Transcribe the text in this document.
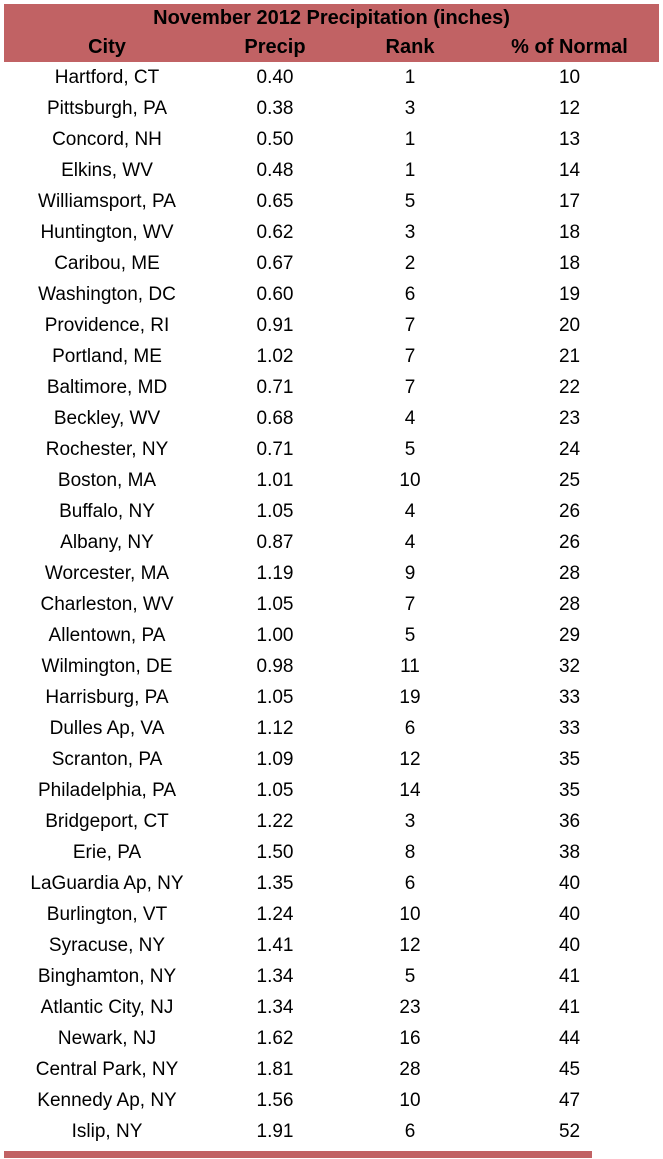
November 2012 Precipitation (inches)			
City	Precip	Rank	% of Normal
Hartford, CT	0.40	1	10
Pittsburgh, PA	0.38	3	12
Concord, NH	0.50	1	13
Elkins, WV	0.48	1	14
Williamsport, PA	0.65	5	17
Huntington, WV	0.62	3	18
Caribou, ME	0.67	2	18
Washington, DC	0.60	6	19
Providence, RI	0.91	7	20
Portland, ME	1.02	7	21
Baltimore, MD	0.71	7	22
Beckley, WV	0.68	4	23
Rochester, NY	0.71	5	24
Boston, MA	1.01	10	25
Buffalo, NY	1.05	4	26
Albany, NY	0.87	4	26
Worcester, MA	1.19	9	28
Charleston, WV	1.05	7	28
Allentown, PA	1.00	5	29
Wilmington, DE	0.98	11	32
Harrisburg, PA	1.05	19	33
Dulles Ap, VA	1.12	6	33
Scranton, PA	1.09	12	35
Philadelphia, PA	1.05	14	35
Bridgeport, CT	1.22	3	36
Erie, PA	1.50	8	38
LaGuardia Ap, NY	1.35	6	40
Burlington, VT	1.24	10	40
Syracuse, NY	1.41	12	40
Binghamton, NY	1.34	5	41
Atlantic City, NJ	1.34	23	41
Newark, NJ	1.62	16	44
Central Park, NY	1.81	28	45
Kennedy Ap, NY	1.56	10	47
Islip, NY	1.91	6	52
